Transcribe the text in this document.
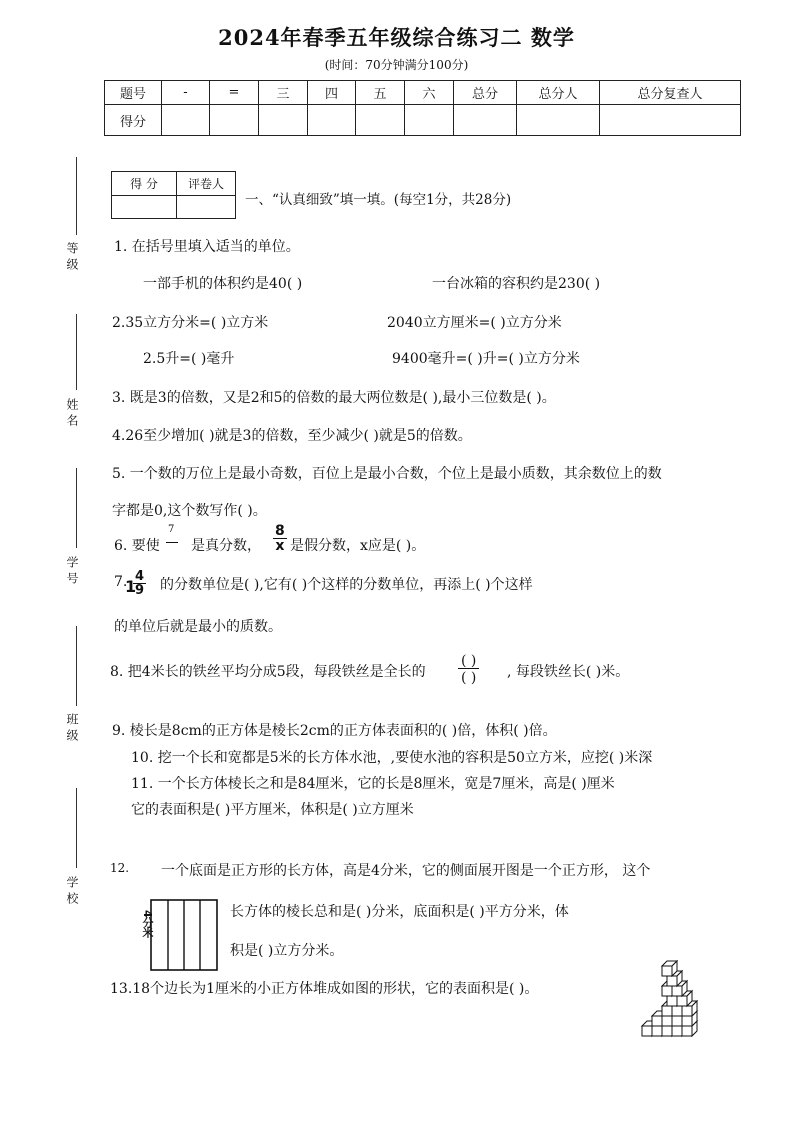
2024年春季五年级综合练习二 数学
(时间：70分钟满分100分)
题号	-	=	三	四	五	六	总分	总分人	总分复查人
得分									
等级
姓名
学号
班级
学校
得 分	评卷人

一、“认真细致”填一填。(每空1分，共28分)
1. 在括号里填入适当的单位。
一部手机的体积约是40( )	一台冰箱的容积约是230( )
2.35立方分米=( )立方米	2040立方厘米=( )立方分米
2.5升=( )毫升	9400毫升=( )升=( )立方分米
3. 既是3的倍数，又是2和5的倍数的最大两位数是( ),最小三位数是( )。
4.26至少增加( )就是3的倍数，至少减少( )就是5的倍数。
5. 一个数的万位上是最小奇数，百位上是最小合数，个位上是最小质数，其余数位上的数
字都是0,这个数写作( )。
6. 要使
7
是真分数， $\frac{8}{x}$ 是假分数，x应是( )。
7.
1
$\frac{4}{9}$ 的分数单位是( ),它有( )个这样的分数单位，再添上( )个这样
的单位后就是最小的质数。
8. 把4米长的铁丝平均分成5段，每段铁丝是全长的
( )
( ) , 每段铁丝长( )米。
9. 棱长是8cm的正方体是棱长2cm的正方体表面积的( )倍，体积( )倍。
10. 挖一个长和宽都是5米的长方体水池，,要使水池的容积是50立方米，应挖( )米深
11. 一个长方体棱长之和是84厘米，它的长是8厘米，宽是7厘米，高是( )厘米
它的表面积是( )平方厘米，体积是( )立方厘米
12. 一个底面是正方形的长方体，高是4分米，它的侧面展开图是一个正方形， 这个
长方体的棱长总和是( )分米，底面积是( )平方分米，体
积是( )立方分米。
4分米
13.18个边长为1厘米的小正方体堆成如图的形状，它的表面积是( )。
